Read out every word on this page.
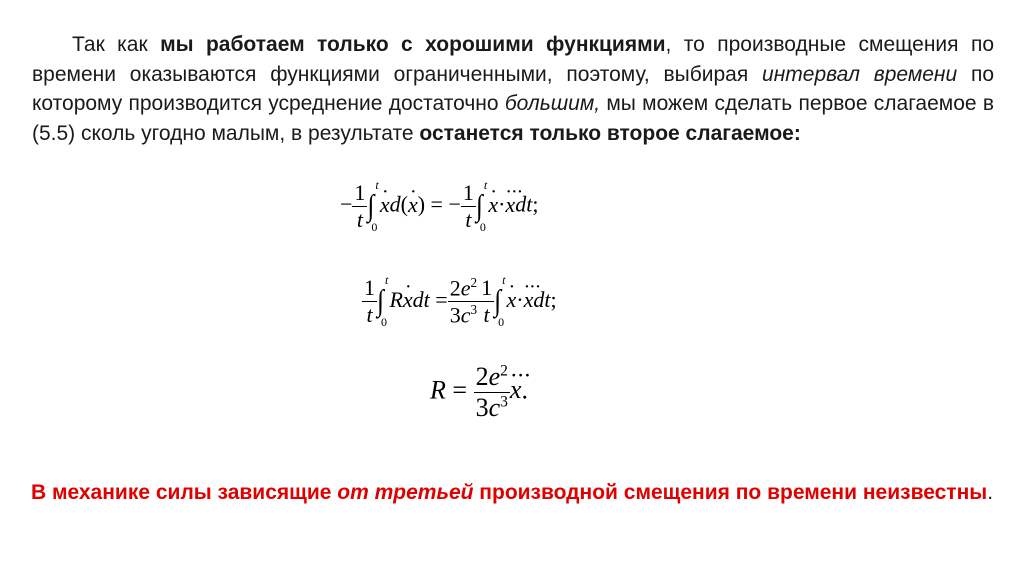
Так как мы работаем только с хорошими функциями, то производные смещения по времени оказываются функциями ограниченными, поэтому, выбирая интервал времени по которому производится усреднение достаточно большим, мы можем сделать первое слагаемое в (5.5) сколь угодно малым, в результате останется только второе слагаемое:
− $\frac{1}{t}$ ∫
t
0
· xd(· x) = − $\frac{1}{t}$ ∫
t
0
· x···· xdt;
$\frac{1}{t}$ ∫
t
0
R· xdt = $\frac{2e^2}{3c^3} \frac{1}{t}$ ∫
t
0
· x···· xdt;
$R = \frac{2e^2}{3c^3}$
··· x.
В механике силы зависящие от третьей производной смещения по времени неизвестны.
